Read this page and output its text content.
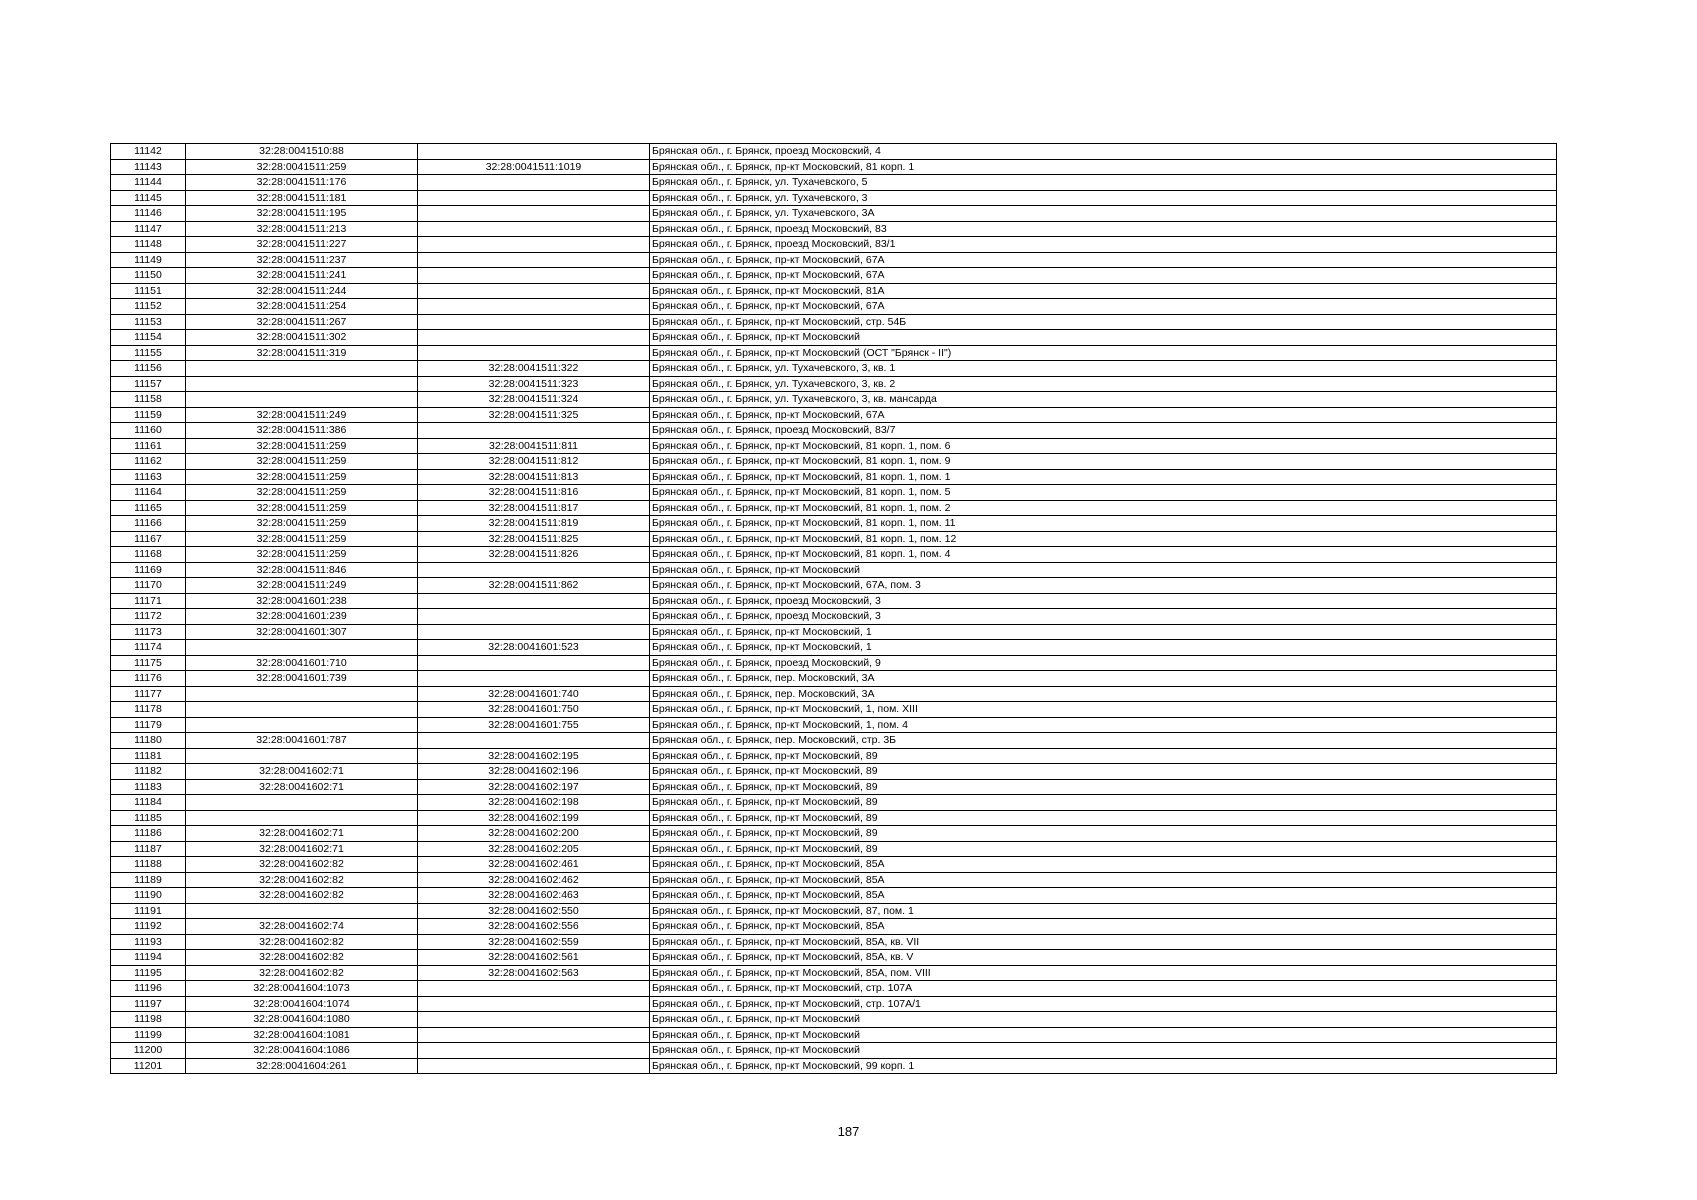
11142	32:28:0041510:88		Брянская обл., г. Брянск, проезд Московский, 4
11143	32:28:0041511:259	32:28:0041511:1019	Брянская обл., г. Брянск, пр-кт Московский, 81 корп. 1
11144	32:28:0041511:176		Брянская обл., г. Брянск, ул. Тухачевского, 5
11145	32:28:0041511:181		Брянская обл., г. Брянск, ул. Тухачевского, 3
11146	32:28:0041511:195		Брянская обл., г. Брянск, ул. Тухачевского, 3А
11147	32:28:0041511:213		Брянская обл., г. Брянск, проезд Московский, 83
11148	32:28:0041511:227		Брянская обл., г. Брянск, проезд Московский, 83/1
11149	32:28:0041511:237		Брянская обл., г. Брянск, пр-кт Московский, 67А
11150	32:28:0041511:241		Брянская обл., г. Брянск, пр-кт Московский, 67А
11151	32:28:0041511:244		Брянская обл., г. Брянск, пр-кт Московский, 81А
11152	32:28:0041511:254		Брянская обл., г. Брянск, пр-кт Московский, 67А
11153	32:28:0041511:267		Брянская обл., г. Брянск, пр-кт Московский, стр. 54Б
11154	32:28:0041511:302		Брянская обл., г. Брянск, пр-кт Московский
11155	32:28:0041511:319		Брянская обл., г. Брянск, пр-кт Московский (ОСТ "Брянск - II")
11156		32:28:0041511:322	Брянская обл., г. Брянск, ул. Тухачевского, 3, кв. 1
11157		32:28:0041511:323	Брянская обл., г. Брянск, ул. Тухачевского, 3, кв. 2
11158		32:28:0041511:324	Брянская обл., г. Брянск, ул. Тухачевского, 3, кв. мансарда
11159	32:28:0041511:249	32:28:0041511:325	Брянская обл., г. Брянск, пр-кт Московский, 67А
11160	32:28:0041511:386		Брянская обл., г. Брянск, проезд Московский, 83/7
11161	32:28:0041511:259	32:28:0041511:811	Брянская обл., г. Брянск, пр-кт Московский, 81 корп. 1, пом. 6
11162	32:28:0041511:259	32:28:0041511:812	Брянская обл., г. Брянск, пр-кт Московский, 81 корп. 1, пом. 9
11163	32:28:0041511:259	32:28:0041511:813	Брянская обл., г. Брянск, пр-кт Московский, 81 корп. 1, пом. 1
11164	32:28:0041511:259	32:28:0041511:816	Брянская обл., г. Брянск, пр-кт Московский, 81 корп. 1, пом. 5
11165	32:28:0041511:259	32:28:0041511:817	Брянская обл., г. Брянск, пр-кт Московский, 81 корп. 1, пом. 2
11166	32:28:0041511:259	32:28:0041511:819	Брянская обл., г. Брянск, пр-кт Московский, 81 корп. 1, пом. 11
11167	32:28:0041511:259	32:28:0041511:825	Брянская обл., г. Брянск, пр-кт Московский, 81 корп. 1, пом. 12
11168	32:28:0041511:259	32:28:0041511:826	Брянская обл., г. Брянск, пр-кт Московский, 81 корп. 1, пом. 4
11169	32:28:0041511:846		Брянская обл., г. Брянск, пр-кт Московский
11170	32:28:0041511:249	32:28:0041511:862	Брянская обл., г. Брянск, пр-кт Московский, 67А, пом. 3
11171	32:28:0041601:238		Брянская обл., г. Брянск, проезд Московский, 3
11172	32:28:0041601:239		Брянская обл., г. Брянск, проезд Московский, 3
11173	32:28:0041601:307		Брянская обл., г. Брянск, пр-кт Московский, 1
11174		32:28:0041601:523	Брянская обл., г. Брянск, пр-кт Московский, 1
11175	32:28:0041601:710		Брянская обл., г. Брянск, проезд Московский, 9
11176	32:28:0041601:739		Брянская обл., г. Брянск, пер. Московский, 3А
11177		32:28:0041601:740	Брянская обл., г. Брянск, пер. Московский, 3А
11178		32:28:0041601:750	Брянская обл., г. Брянск, пр-кт Московский, 1, пом. XIII
11179		32:28:0041601:755	Брянская обл., г. Брянск, пр-кт Московский, 1, пом. 4
11180	32:28:0041601:787		Брянская обл., г. Брянск, пер. Московский, стр. 3Б
11181		32:28:0041602:195	Брянская обл., г. Брянск, пр-кт Московский, 89
11182	32:28:0041602:71	32:28:0041602:196	Брянская обл., г. Брянск, пр-кт Московский, 89
11183	32:28:0041602:71	32:28:0041602:197	Брянская обл., г. Брянск, пр-кт Московский, 89
11184		32:28:0041602:198	Брянская обл., г. Брянск, пр-кт Московский, 89
11185		32:28:0041602:199	Брянская обл., г. Брянск, пр-кт Московский, 89
11186	32:28:0041602:71	32:28:0041602:200	Брянская обл., г. Брянск, пр-кт Московский, 89
11187	32:28:0041602:71	32:28:0041602:205	Брянская обл., г. Брянск, пр-кт Московский, 89
11188	32:28:0041602:82	32:28:0041602:461	Брянская обл., г. Брянск, пр-кт Московский, 85А
11189	32:28:0041602:82	32:28:0041602:462	Брянская обл., г. Брянск, пр-кт Московский, 85А
11190	32:28:0041602:82	32:28:0041602:463	Брянская обл., г. Брянск, пр-кт Московский, 85А
11191		32:28:0041602:550	Брянская обл., г. Брянск, пр-кт Московский, 87, пом. 1
11192	32:28:0041602:74	32:28:0041602:556	Брянская обл., г. Брянск, пр-кт Московский, 85А
11193	32:28:0041602:82	32:28:0041602:559	Брянская обл., г. Брянск, пр-кт Московский, 85А, кв. VII
11194	32:28:0041602:82	32:28:0041602:561	Брянская обл., г. Брянск, пр-кт Московский, 85А, кв. V
11195	32:28:0041602:82	32:28:0041602:563	Брянская обл., г. Брянск, пр-кт Московский, 85А, пом. VIII
11196	32:28:0041604:1073		Брянская обл., г. Брянск, пр-кт Московский, стр. 107А
11197	32:28:0041604:1074		Брянская обл., г. Брянск, пр-кт Московский, стр. 107А/1
11198	32:28:0041604:1080		Брянская обл., г. Брянск, пр-кт Московский
11199	32:28:0041604:1081		Брянская обл., г. Брянск, пр-кт Московский
11200	32:28:0041604:1086		Брянская обл., г. Брянск, пр-кт Московский
11201	32:28:0041604:261		Брянская обл., г. Брянск, пр-кт Московский, 99 корп. 1
187
